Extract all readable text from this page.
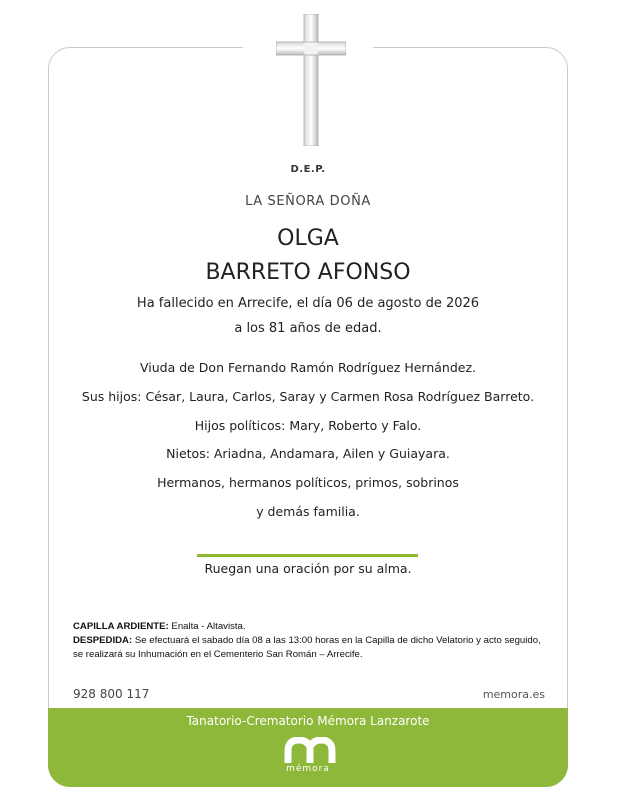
D.E.P.
LA SEÑORA DOÑA
OLGA
BARRETO AFONSO
Ha fallecido en Arrecife, el día 06 de agosto de 2026
a los 81 años de edad.
Viuda de Don Fernando Ramón Rodríguez Hernández.
Sus hijos: César, Laura, Carlos, Saray y Carmen Rosa Rodríguez Barreto.
Hijos políticos: Mary, Roberto y Falo.
Nietos: Ariadna, Andamara, Ailen y Guiayara.
Hermanos, hermanos políticos, primos, sobrinos
y demás familia.
Ruegan una oración por su alma.
CAPILLA ARDIENTE: Enalta - Altavista.
DESPEDIDA: Se efectuará el sabado día 08 a las 13:00 horas en la Capilla de dicho Velatorio y acto seguido, se realizará su Inhumación en el Cementerio San Román – Arrecife.
928 800 117	memora.es
Tanatorio-Crematorio Mémora Lanzarote
mémora
